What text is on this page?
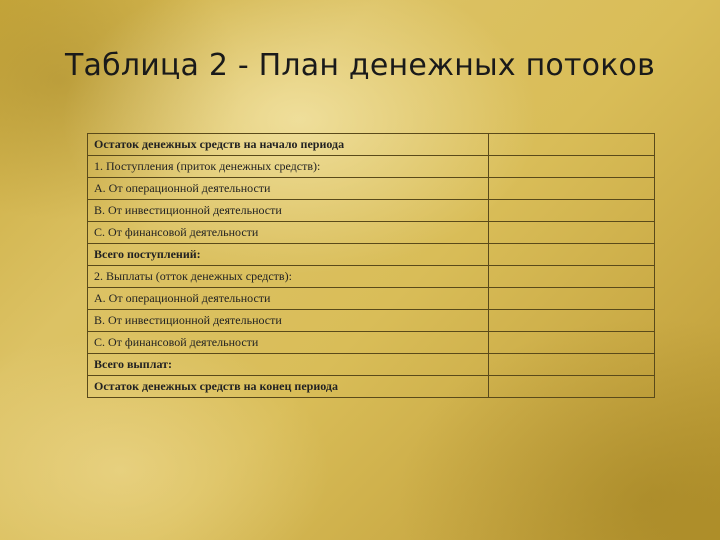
Таблица 2 - План денежных потоков
Остаток денежных средств на начало периода	
1. Поступления (приток денежных средств):	
А. От операционной деятельности	
В. От инвестиционной деятельности	
С. От финансовой деятельности	
Всего поступлений:	
2. Выплаты (отток денежных средств):	
А. От операционной деятельности	
В. От инвестиционной деятельности	
С. От финансовой деятельности	
Всего выплат:	
Остаток денежных средств на конец периода	
